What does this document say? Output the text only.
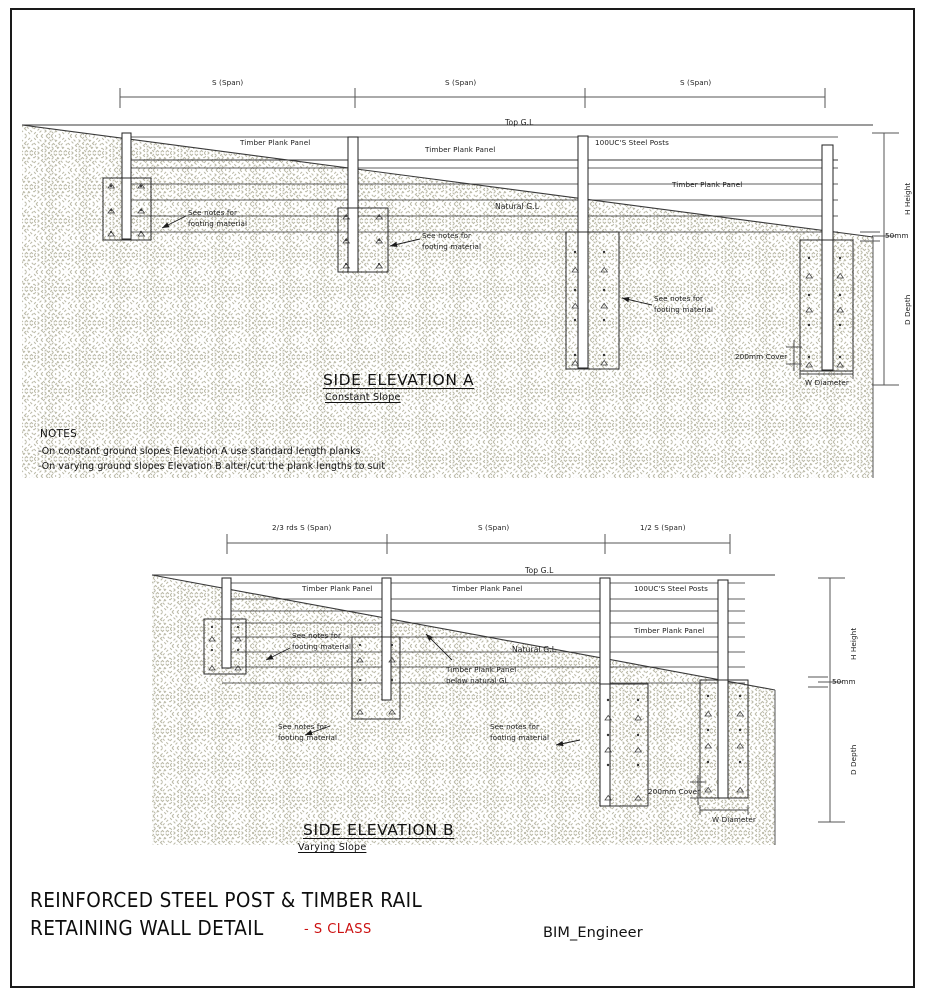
S (Span)	S (Span)	S (Span)
Top G.L
Timber Plank Panel
Timber Plank Panel
100UC'S Steel Posts
Timber Plank Panel
Natural G.L
See notes for
footing material
See notes for
footing material
See notes for
footing material
200mm Cover
W Diameter
H Height
50mm
D Depth
SIDE ELEVATION A
Constant Slope
NOTES
-On constant ground slopes Elevation A use standard length planks
-On varying ground slopes Elevation B alter/cut the plank lengths to suit
2/3 rds S (Span)	S (Span)	1/2 S (Span)
Top G.L
Timber Plank Panel	Timber Plank Panel	100UC'S Steel Posts
Timber Plank Panel
Natural G.L
See notes for
footing material
Timber Plank Panel
below natural GL
See notes for
footing material
See notes for
footing material
200mm Cover
W Diameter
H Height
50mm
D Depth
SIDE ELEVATION B
Varying Slope
REINFORCED STEEL POST & TIMBER RAIL
RETAINING WALL DETAIL	- S CLASS	BIM_Engineer
